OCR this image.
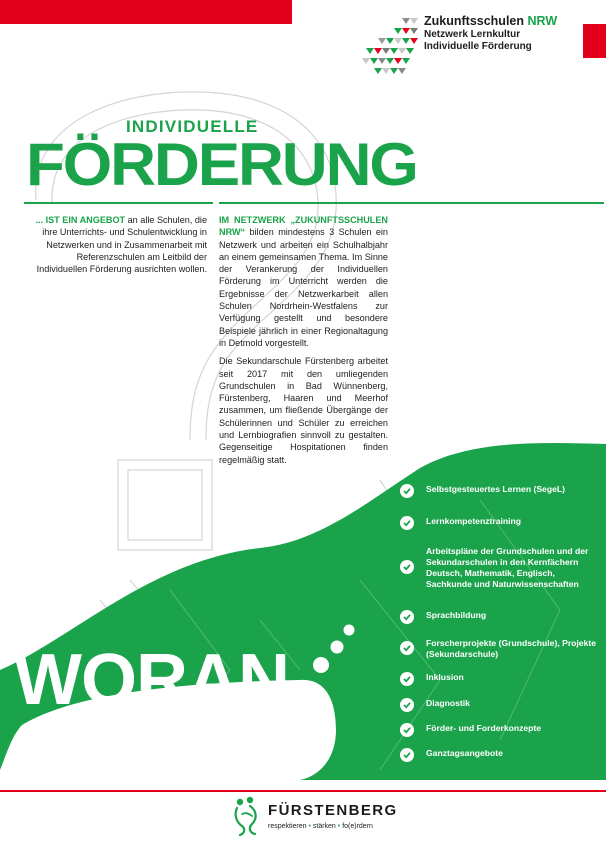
Zukunftsschulen NRW
Netzwerk Lernkultur
Individuelle Förderung
INDIVIDUELLE
FÖRDERUNG
... IST EIN ANGEBOT an alle Schulen, die ihre Unterrichts- und Schulentwicklung in Netzwerken und in Zusammenarbeit mit Referenzschulen am Leitbild der Individuellen Förderung ausrichten wollen.

IM NETZWERK „ZUKUNFTSSCHULEN NRW“ bilden mindestens 3 Schulen ein Netzwerk und arbeiten ein Schulhalbjahr an einem gemeinsamen Thema. Im Sinne der Verankerung der Individuellen Förderung im Unterricht werden die Ergebnisse der Netzwerkarbeit allen Schulen Nordrhein-Westfalens zur Verfügung gestellt und besondere Beispiele jährlich in einer Regionaltagung in Detmold vorgestellt.

Die Sekundarschule Fürstenberg arbeitet seit 2017 mit den umliegenden Grundschulen in Bad Wünnenberg, Fürstenberg, Haaren und Meerhof zusammen, um fließende Übergänge der Schülerinnen und Schüler zu erreichen und Lernbiografien sinnvoll zu gestalten. Gegenseitige Hospitationen finden regelmäßig statt.

WORAN
WIR ARBEITEN
Selbstgesteuertes Lernen (SegeL)
Lernkompetenztraining
Arbeitspläne der Grundschulen und der Sekundarschulen in den Kernfächern Deutsch, Mathematik, Englisch, Sachkunde und Naturwissenschaften
Sprachbildung
Forscherprojekte (Grundschule), Projekte (Sekundarschule)
Inklusion
Diagnostik
Förder- und Forderkonzepte
Ganztagsangebote
FÜRSTENBERG
respektieren • stärken • fo(e)rdern
